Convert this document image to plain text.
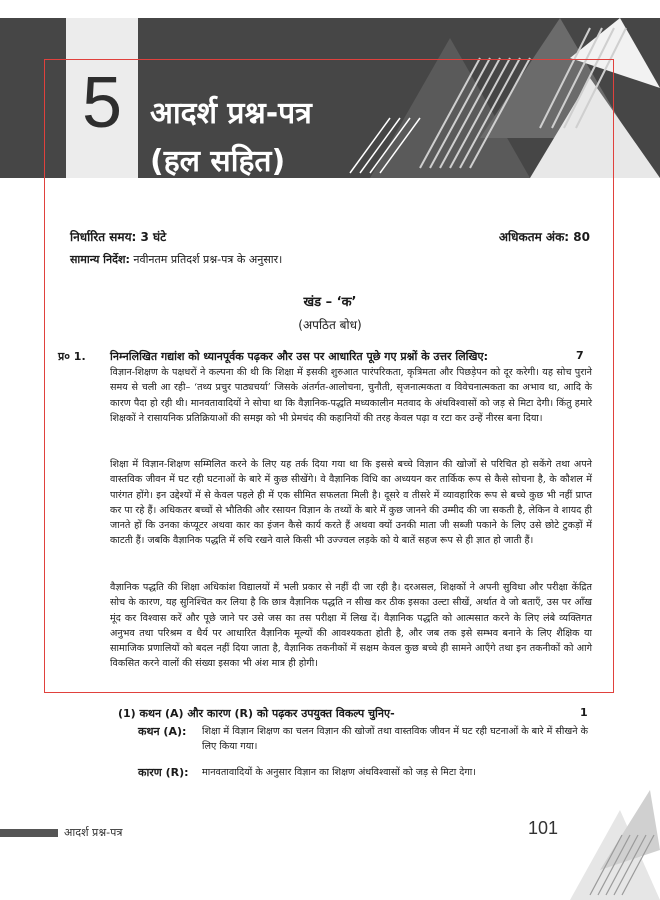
5 आदर्श प्रश्न-पत्र
(हल सहित)
निर्धारित समय: 3 घंटे	अधिकतम अंक: 80
सामान्य निर्देश: नवीनतम प्रतिदर्श प्रश्न-पत्र के अनुसार।
खंड – ‘क’
(अपठित बोध)
प्र० 1. निम्नलिखित गद्यांश को ध्यानपूर्वक पढ़कर और उस पर आधारित पूछे गए प्रश्नों के उत्तर लिखिए:	7

विज्ञान-शिक्षण के पक्षधरों ने कल्पना की थी कि शिक्षा में इसकी शुरुआत पारंपरिकता, कृत्रिमता और पिछड़ेपन को दूर करेगी। यह सोच पुराने समय से चली आ रही– ‘तथ्य प्रचुर पाठ्यचर्या’ जिसके अंतर्गत-आलोचना, चुनौती, सृजनात्मकता व विवेचनात्मकता का अभाव था, आदि के कारण पैदा हो रही थी। मानवतावादियों ने सोचा था कि वैज्ञानिक-पद्धति मध्यकालीन मतवाद के अंधविश्वासों को जड़ से मिटा देगी। किंतु हमारे शिक्षकों ने रासायनिक प्रतिक्रियाओं की समझ को भी प्रेमचंद की कहानियों की तरह केवल पढ़ा व रटा कर उन्हें नीरस बना दिया।

शिक्षा में विज्ञान-शिक्षण सम्मिलित करने के लिए यह तर्क दिया गया था कि इससे बच्चे विज्ञान की खोजों से परिचित हो सकेंगे तथा अपने वास्तविक जीवन में घट रही घटनाओं के बारे में कुछ सीखेंगे। वे वैज्ञानिक विधि का अध्ययन कर तार्किक रूप से कैसे सोचना है, के कौशल में पारंगत होंगे। इन उद्देश्यों में से केवल पहले ही में एक सीमित सफलता मिली है। दूसरे व तीसरे में व्यावहारिक रूप से बच्चे कुछ भी नहीं प्राप्त कर पा रहे हैं। अधिकतर बच्चों से भौतिकी और रसायन विज्ञान के तथ्यों के बारे में कुछ जानने की उम्मीद की जा सकती है, लेकिन वे शायद ही जानते हों कि उनका कंप्यूटर अथवा कार का इंजन कैसे कार्य करते हैं अथवा क्यों उनकी माता जी सब्जी पकाने के लिए उसे छोटे टुकड़ों में काटती हैं। जबकि वैज्ञानिक पद्धति में रुचि रखने वाले किसी भी उज्ज्वल लड़के को ये बातें सहज रूप से ही ज्ञात हो जाती हैं।

वैज्ञानिक पद्धति की शिक्षा अधिकांश विद्यालयों में भली प्रकार से नहीं दी जा रही है। दरअसल, शिक्षकों ने अपनी सुविधा और परीक्षा केंद्रित सोच के कारण, यह सुनिश्चित कर लिया है कि छात्र वैज्ञानिक पद्धति न सीख कर ठीक इसका उल्टा सीखें, अर्थात वे जो बताएँ, उस पर आँख मूंद कर विश्वास करें और पूछे जाने पर उसे जस का तस परीक्षा में लिख दें। वैज्ञानिक पद्धति को आत्मसात करने के लिए लंबे व्यक्तिगत अनुभव तथा परिश्रम व धैर्य पर आधारित वैज्ञानिक मूल्यों की आवश्यकता होती है, और जब तक इसे सम्भव बनाने के लिए शैक्षिक या सामाजिक प्रणालियों को बदल नहीं दिया जाता है, वैज्ञानिक तकनीकों में सक्षम केवल कुछ बच्चे ही सामने आएँगे तथा इन तकनीकों को आगे विकसित करने वालों की संख्या इसका भी अंश मात्र ही होगी।

(1) कथन (A) और कारण (R) को पढ़कर उपयुक्त विकल्प चुनिए-	1
कथन (A): शिक्षा में विज्ञान शिक्षण का चलन विज्ञान की खोजों तथा वास्तविक जीवन में घट रही घटनाओं के बारे में सीखने के लिए किया गया।
कारण (R): मानवतावादियों के अनुसार विज्ञान का शिक्षण अंधविश्वासों को जड़ से मिटा देगा।
आदर्श प्रश्न-पत्र	101
